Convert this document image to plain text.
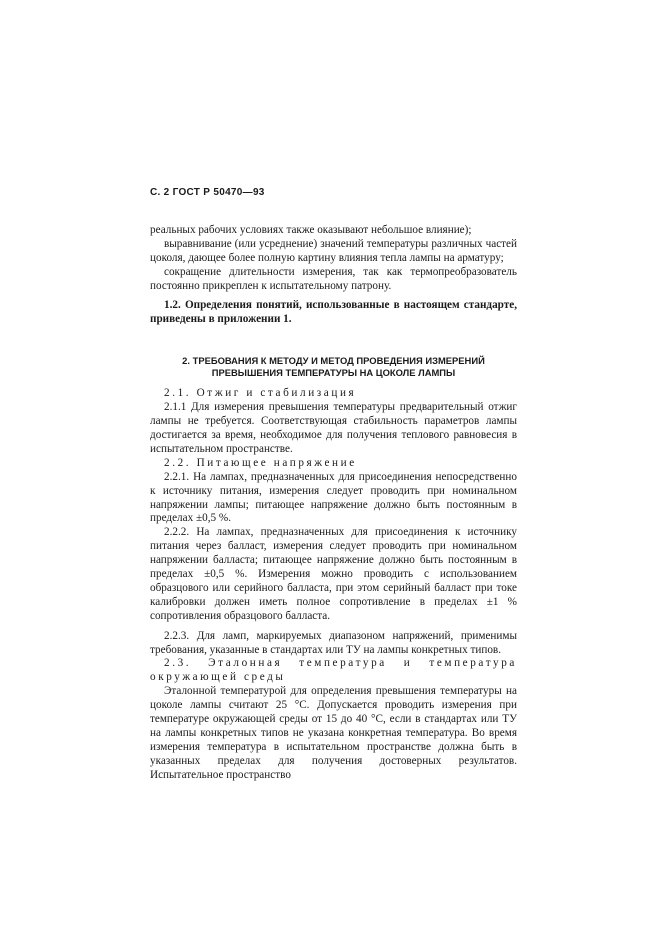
С. 2 ГОСТ Р 50470—93
реальных рабочих условиях также оказывают небольшое влияние);
выравнивание (или усреднение) значений температуры различных частей цоколя, дающее более полную картину влияния тепла лампы на арматуру;
сокращение длительности измерения, так как термопреобразователь постоянно прикреплен к испытательному патрону.
1.2. Определения понятий, использованные в настоящем стандарте, приведены в приложении 1.
2. ТРЕБОВАНИЯ К МЕТОДУ И МЕТОД ПРОВЕДЕНИЯ ИЗМЕРЕНИЙ
ПРЕВЫШЕНИЯ ТЕМПЕРАТУРЫ НА ЦОКОЛЕ ЛАМПЫ
2.1. Отжиг и стабилизация
2.1.1 Для измерения превышения температуры предварительный отжиг лампы не требуется. Соответствующая стабильность параметров лампы достигается за время, необходимое для получения теплового равновесия в испытательном пространстве.
2.2. Питающее напряжение
2.2.1. На лампах, предназначенных для присоединения непосредственно к источнику питания, измерения следует проводить при номинальном напряжении лампы; питающее напряжение должно быть постоянным в пределах ±0,5 %.
2.2.2. На лампах, предназначенных для присоединения к источнику питания через балласт, измерения следует проводить при номинальном напряжении балласта; питающее напряжение должно быть постоянным в пределах ±0,5 %. Измерения можно проводить с использованием образцового или серийного балласта, при этом серийный балласт при токе калибровки должен иметь полное сопротивление в пределах ±1 % сопротивления образцового балласта.
2.2.3. Для ламп, маркируемых диапазоном напряжений, применимы требования, указанные в стандартах или ТУ на лампы конкретных типов.
2.3. Эталонная температура и температура окружающей среды
Эталонной температурой для определения превышения температуры на цоколе лампы считают 25 °С. Допускается проводить измерения при температуре окружающей среды от 15 до 40 °С, если в стандартах или ТУ на лампы конкретных типов не указана конкретная температура. Во время измерения температура в испытательном пространстве должна быть в указанных пределах для получения достоверных результатов. Испытательное пространство
